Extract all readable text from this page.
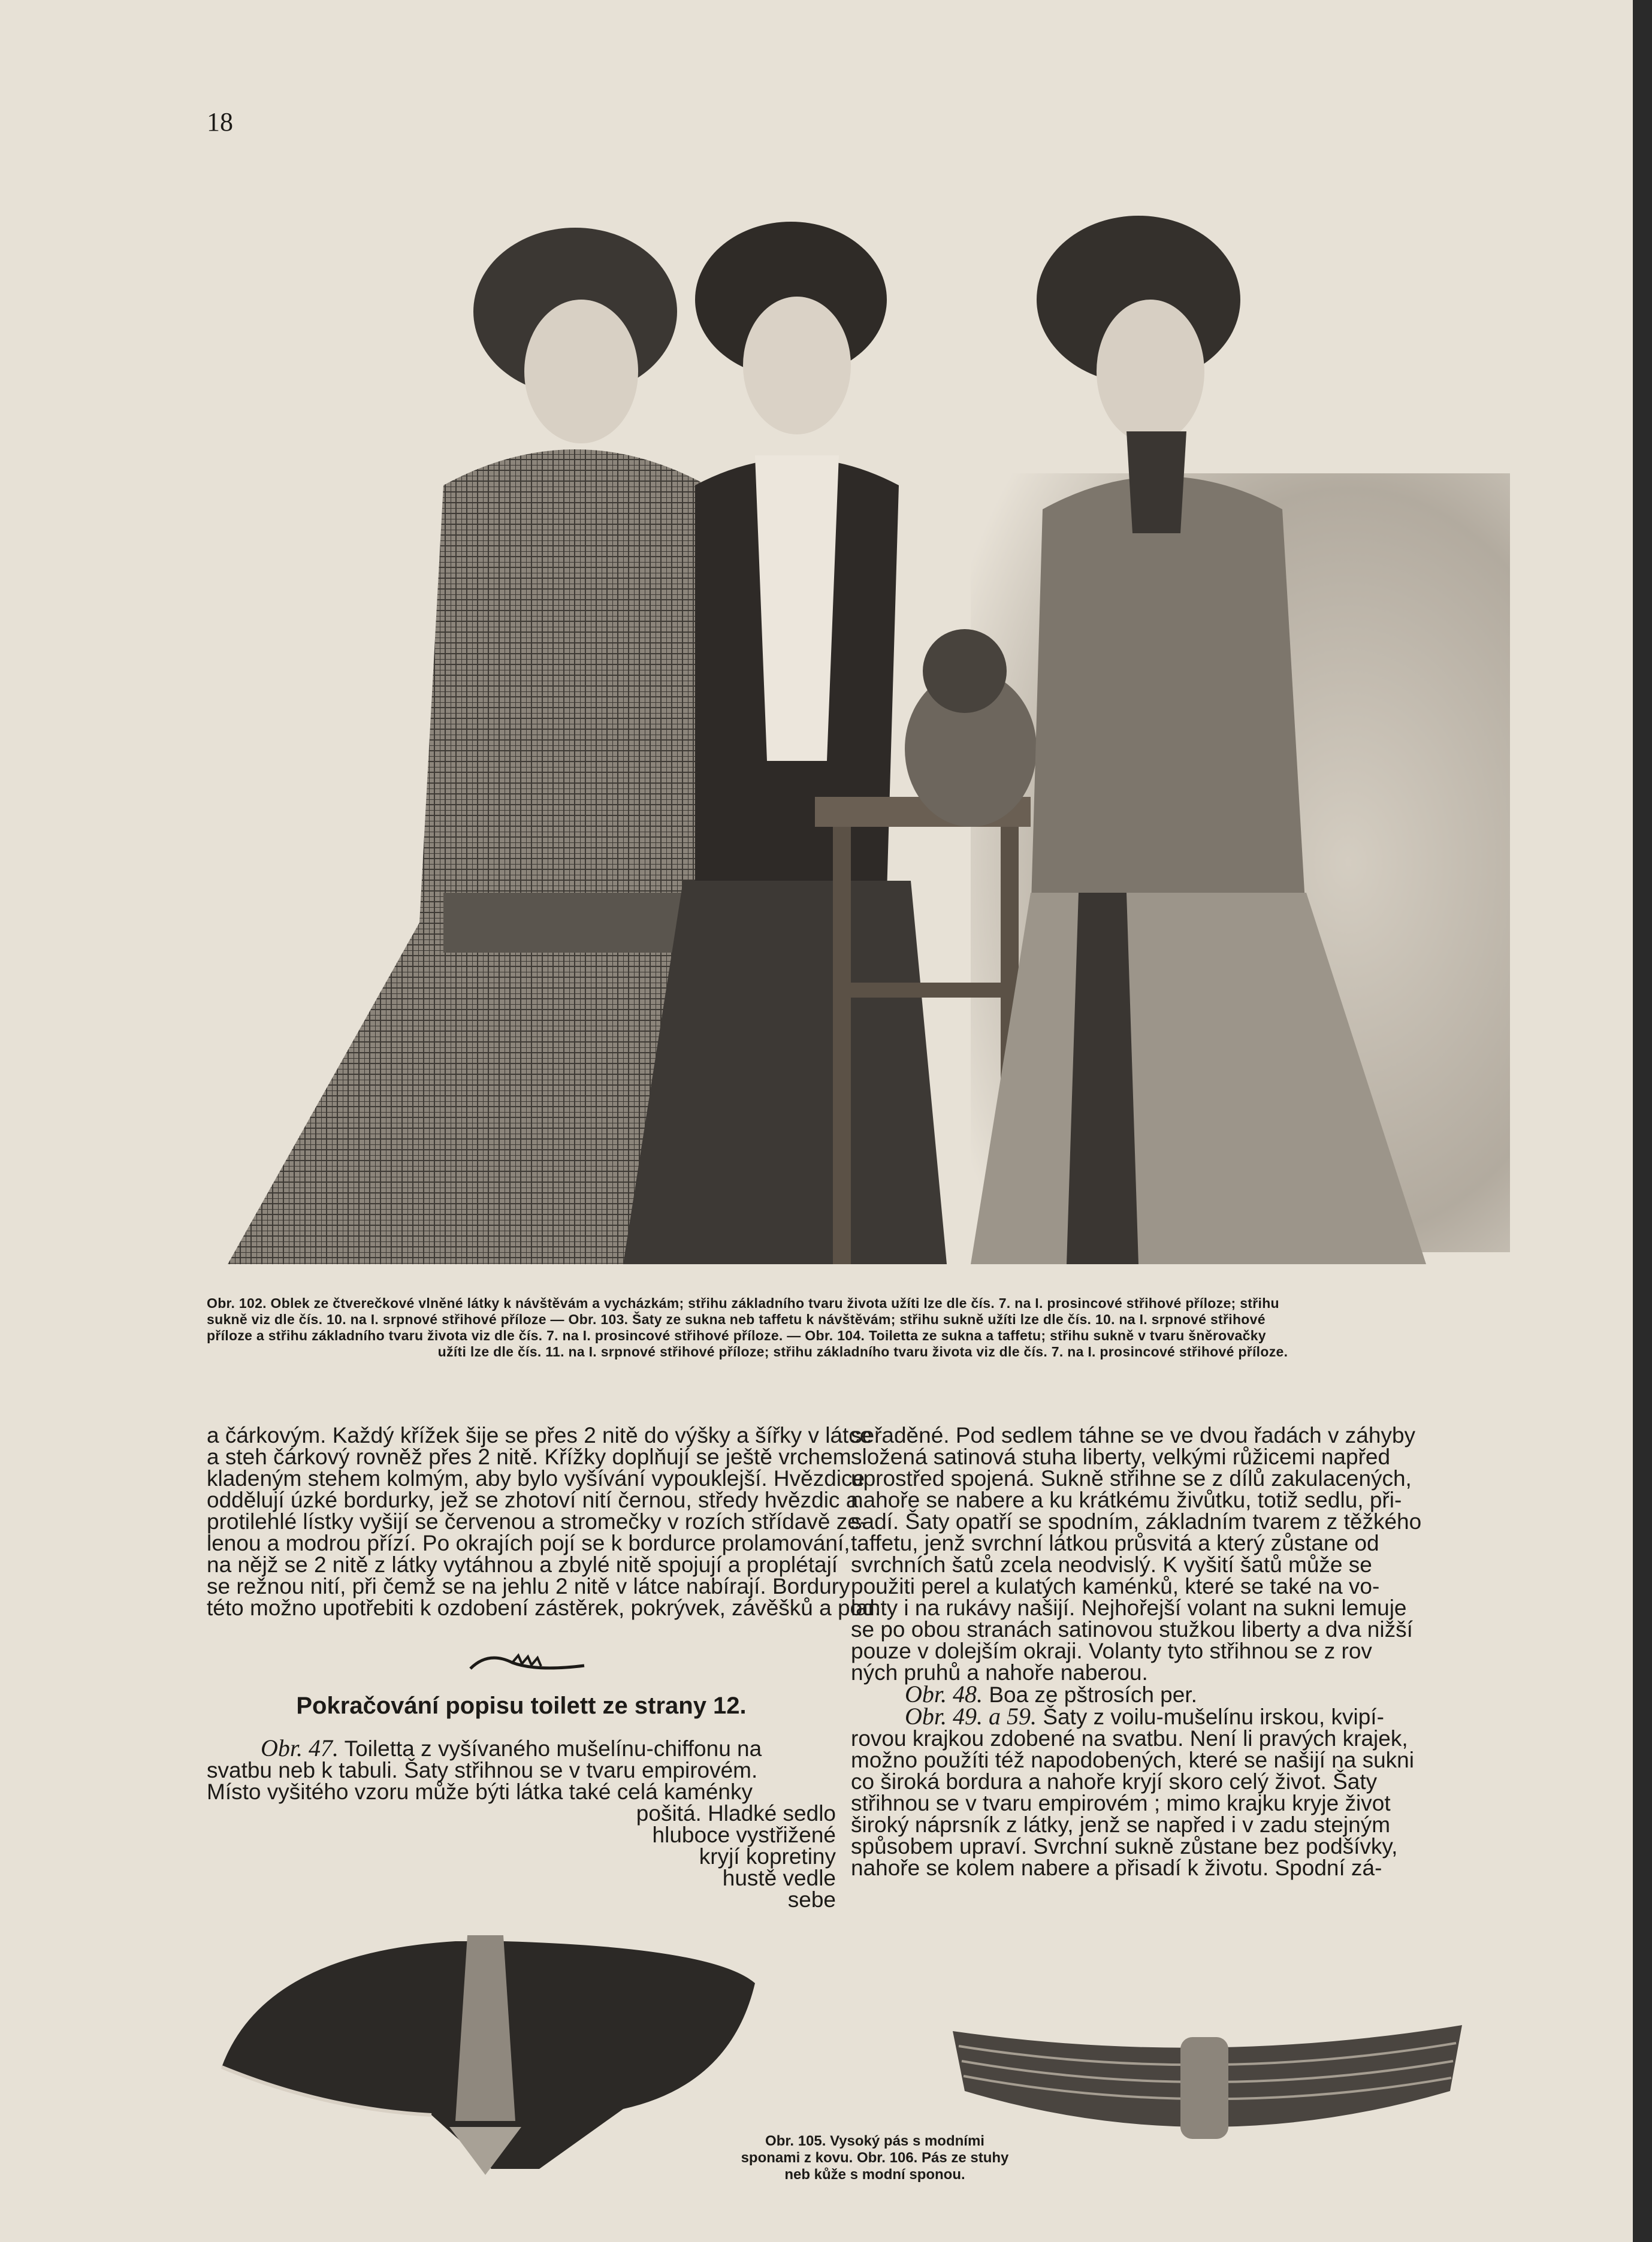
18
Obr. 102. Oblek ze čtverečkové vlněné látky k návštěvám a vycházkám; střihu základního tvaru života užíti lze dle čís. 7. na I. prosincové střihové příloze; střihu
sukně viz dle čís. 10. na I. srpnové střihové příloze — Obr. 103. Šaty ze sukna neb taffetu k návštěvám; střihu sukně užíti lze dle čís. 10. na I. srpnové střihové
příloze a střihu základního tvaru života viz dle čís. 7. na I. prosincové střihové příloze. — Obr. 104. Toiletta ze sukna a taffetu; střihu sukně v tvaru šněrovačky
užíti lze dle čís. 11. na I. srpnové střihové příloze; střihu základního tvaru života viz dle čís. 7. na I. prosincové střihové příloze.

a čárkovým. Každý křížek šije se přes 2 nitě do výšky a šířky v látce
a steh čárkový rovněž přes 2 nitě. Křížky doplňují se ještě vrchem
kladeným stehem kolmým, aby bylo vyšívání vypouklejší. Hvězdice
oddělují úzké bordurky, jež se zhotoví nití černou, středy hvězdic a
protilehlé lístky vyšijí se červenou a stromečky v rozích střídavě ze-
lenou a modrou přízí. Po okrajích pojí se k bordurce prolamování,
na nějž se 2 nitě z látky vytáhnou a zbylé nitě spojují a proplétají
se režnou nití, při čemž se na jehlu 2 nitě v látce nabírají. Bordury
této možno upotřebiti k ozdobení zástěrek, pokrývek, závěšků a pod.

Pokračování popisu toilett ze strany 12.

Obr. 47. Toiletta z vyšívaného mušelínu-chiffonu na
svatbu neb k tabuli. Šaty střihnou se v tvaru empirovém.
Místo vyšitého vzoru může býti látka také celá kaménky
pošitá. Hladké sedlo
hluboce vystřižené
kryjí kopretiny
hustě vedle
sebe

seřaděné. Pod sedlem táhne se ve dvou řadách v záhyby
složená satinová stuha liberty, velkými růžicemi napřed
uprostřed spojená. Sukně střihne se z dílů zakulacených,
nahoře se nabere a ku krátkému živůtku, totiž sedlu, při-
sadí. Šaty opatří se spodním, základním tvarem z těžkého
taffetu, jenž svrchní látkou průsvitá a který zůstane od
svrchních šatů zcela neodvislý. K vyšití šatů může se
použiti perel a kulatých kaménků, které se také na vo-
lanty i na rukávy našijí. Nejhořejší volant na sukni lemuje
se po obou stranách satinovou stužkou liberty a dva nižší
pouze v dolejším okraji. Volanty tyto střihnou se z rov
ných pruhů a nahoře naberou.

Obr. 48. Boa ze pštrosích per.

Obr. 49. a 59. Šaty z voilu-mušelínu irskou, kvipí-
rovou krajkou zdobené na svatbu. Není li pravých krajek,
možno použíti též napodobených, které se našijí na sukni
co široká bordura a nahoře kryjí skoro celý život. Šaty
střihnou se v tvaru empirovém ; mimo krajku kryje život
široký náprsník z látky, jenž se napřed i v zadu stejným
spůsobem upraví. Svrchní sukně zůstane bez podšívky,
nahoře se kolem nabere a přisadí k životu. Spodní zá-

Obr. 105. Vysoký pás s modními
sponami z kovu. Obr. 106. Pás ze stuhy
neb kůže s modní sponou.
